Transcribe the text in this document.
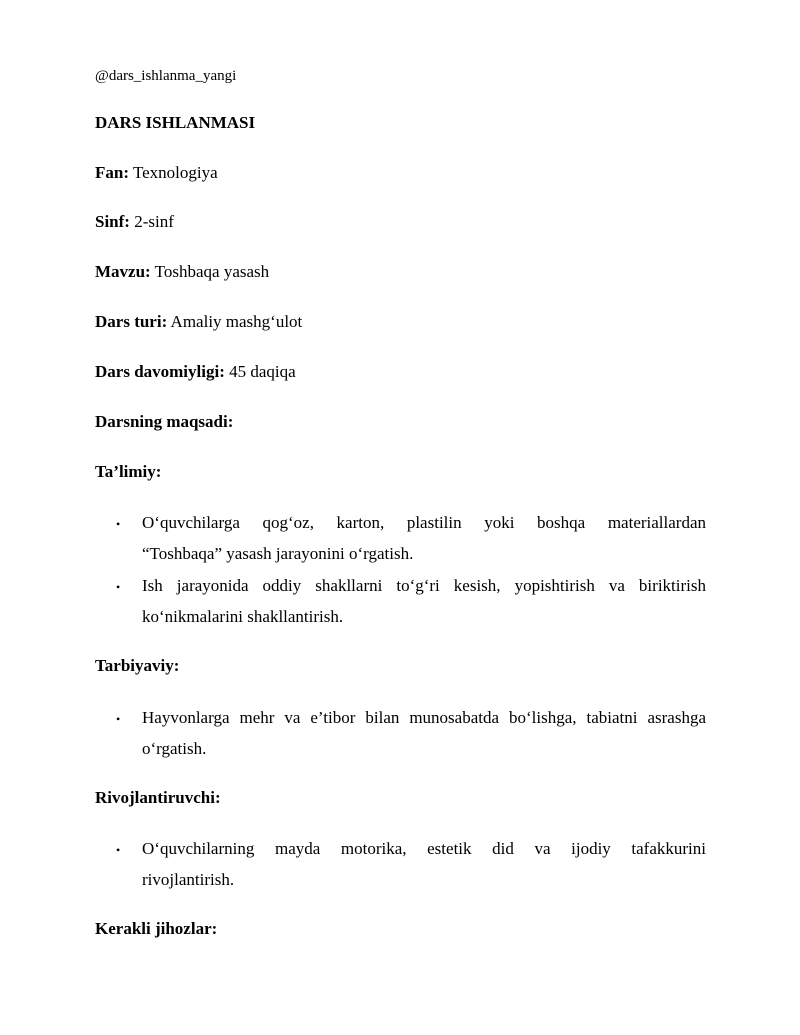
@dars_ishlanma_yangi
DARS ISHLANMASI
Fan: Texnologiya
Sinf: 2-sinf
Mavzu: Toshbaqa yasash
Dars turi: Amaliy mashg‘ulot
Dars davomiyligi: 45 daqiqa
Darsning maqsadi:
Ta’limiy:
• O‘quvchilarga qog‘oz, karton, plastilin yoki boshqa materiallardan
“Toshbaqa” yasash jarayonini o‘rgatish.
• Ish jarayonida oddiy shakllarni to‘g‘ri kesish, yopishtirish va biriktirish
ko‘nikmalarini shakllantirish.
Tarbiyaviy:
• Hayvonlarga mehr va e’tibor bilan munosabatda bo‘lishga, tabiatni asrashga
o‘rgatish.
Rivojlantiruvchi:
• O‘quvchilarning mayda motorika, estetik did va ijodiy tafakkurini
rivojlantirish.
Kerakli jihozlar:
